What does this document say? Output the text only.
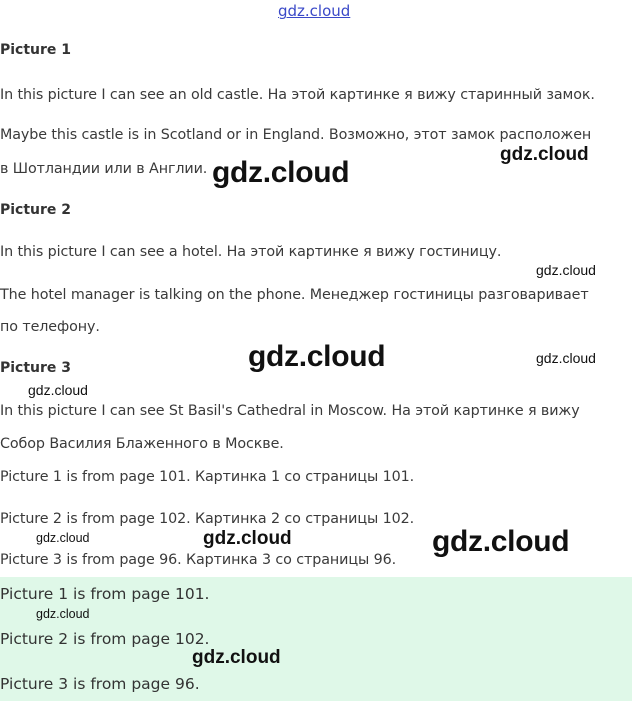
gdz.cloud
Picture 1
In this picture I can see an old castle. На этой картинке я вижу старинный замок.
Maybe this castle is in Scotland or in England. Возможно, этот замок расположен
в Шотландии или в Англии.
Picture 2
In this picture I can see a hotel. На этой картинке я вижу гостиницу.
The hotel manager is talking on the phone. Менеджер гостиницы разговаривает
по телефону.
Picture 3
In this picture I can see St Basil's Cathedral in Moscow. На этой картинке я вижу
Собор Василия Блаженного в Москве.
Picture 1 is from page 101. Картинка 1 со страницы 101.
Picture 2 is from page 102. Картинка 2 со страницы 102.
Picture 3 is from page 96. Картинка 3 со страницы 96.
Picture 1 is from page 101.
Picture 2 is from page 102.
Picture 3 is from page 96.
gdz.cloud
gdz.cloud
gdz.cloud
gdz.cloud	gdz.cloud
gdz.cloud
gdz.cloud
gdz.cloud	gdz.cloud
gdz.cloud
gdz.cloud
